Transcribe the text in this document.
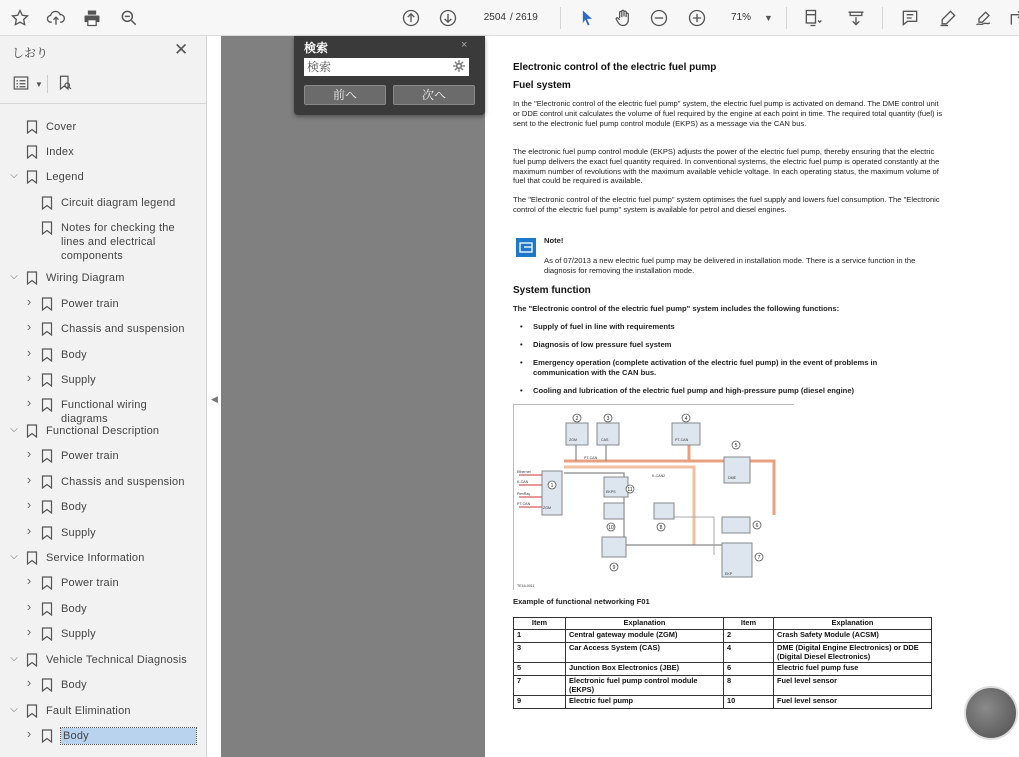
2504 / 2619	71%	▼
しおり	✕
▼
Cover
Index
⌵	Legend
Circuit diagram legend
Notes for checking the lines and electrical components
⌵	Wiring Diagram
›	Power train
›	Chassis and suspension
›	Body
›	Supply
›	Functional wiring diagrams
⌵	Functional Description
›	Power train
›	Chassis and suspension
›	Body
›	Supply
⌵	Service Information
›	Power train
›	Body
›	Supply
⌵	Vehicle Technical Diagnosis
›	Body
⌵	Fault Elimination
›	Body
◀
Electronic control of the electric fuel pump
Fuel system
In the "Electronic control of the electric fuel pump" system, the electric fuel pump is activated on demand. The DME control unit or DDE control unit calculates the volume of fuel required by the engine at each point in time. The required total quantity (fuel) is sent to the electronic fuel pump control module (EKPS) as a message via the CAN bus.
The electronic fuel pump control module (EKPS) adjusts the power of the electric fuel pump, thereby ensuring that the electric fuel pump delivers the exact fuel quantity required. In conventional systems, the electric fuel pump is operated constantly at the maximum number of revolutions with the maximum available vehicle voltage. In each operating status, the maximum volume of fuel that could be required is available.
The "Electronic control of the electric fuel pump" system optimises the fuel supply and lowers fuel consumption. The "Electronic control of the electric fuel pump" system is available for petrol and diesel engines.
Note!
As of 07/2013 a new electric fuel pump may be delivered in installation mode. There is a service function in the diagnosis for removing the installation mode.
System function
The "Electronic control of the electric fuel pump" system includes the following functions:
• Supply of fuel in line with requirements
• Diagnosis of low pressure fuel system
• Emergency operation (complete activation of the electric fuel pump) in the event of problems in communication with the CAN bus.
• Cooling and lubrication of the electric fuel pump and high-pressure pump (diesel engine)
2	3	4
5
1
11
10	8	6
9
7
ZGM	CAS	PT-CAN
DME
ZGM
EKPS
EKP
PT-CAN
K-CAN2
Ethernet
K-CAN
FlexRay
PT-CAN
TE16-0011
Example of functional networking F01
Item	Explanation	Item	Explanation
1	Central gateway module (ZGM)	2	Crash Safety Module (ACSM)
3	Car Access System (CAS)	4	DME (Digital Engine Electronics) or DDE (Digital Diesel Electronics)
5	Junction Box Electronics (JBE)	6	Electric fuel pump fuse
7	Electronic fuel pump control module (EKPS)	8	Fuel level sensor
9	Electric fuel pump	10	Fuel level sensor
検索	×
検索
前へ	次へ
